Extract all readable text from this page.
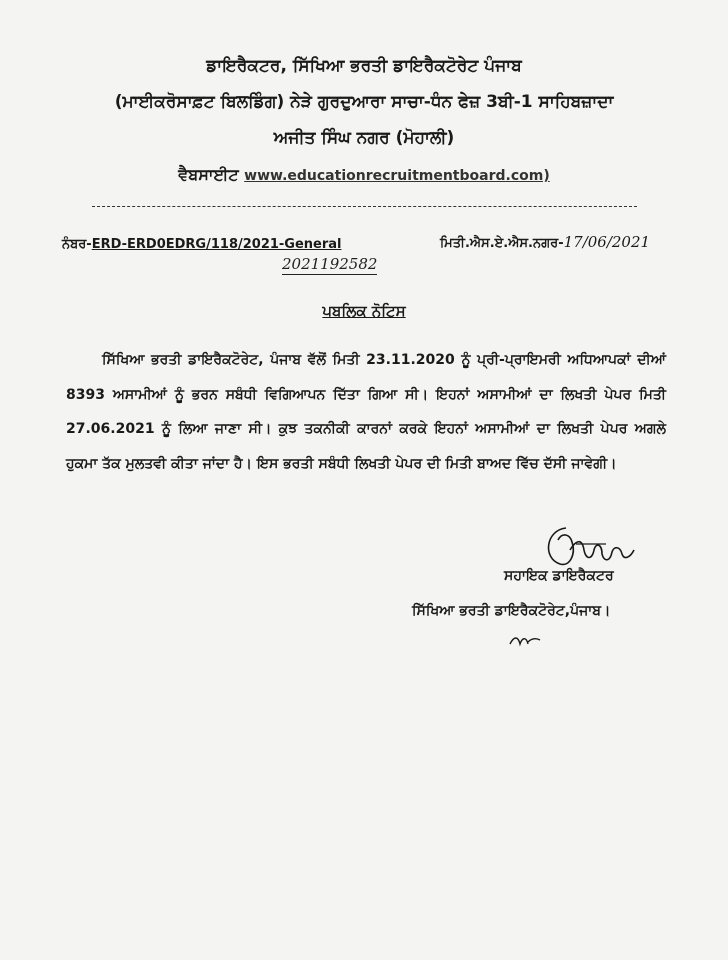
ਡਾਇਰੈਕਟਰ, ਸਿੱਖਿਆ ਭਰਤੀ ਡਾਇਰੈਕਟੋਰੇਟ ਪੰਜਾਬ
(ਮਾਈਕਰੋਸਾਫ਼ਟ ਬਿਲਡਿੰਗ) ਨੇੜੇ ਗੁਰਦੁਆਰਾ ਸਾਚਾ-ਧੰਨ ਫੇਜ਼ 3ਬੀ-1 ਸਾਹਿਬਜ਼ਾਦਾ
ਅਜੀਤ ਸਿੰਘ ਨਗਰ (ਮੋਹਾਲੀ)
ਵੈਬਸਾਈਟ www.educationrecruitmentboard.com)
ਨੰਬਰ-ERD-ERD0EDRG/118/2021-General	ਮਿਤੀ.ਐਸ.ਏ.ਐਸ.ਨਗਰ-17/06/2021
2021192582
ਪਬਲਿਕ ਨੋਟਿਸ
ਸਿੱਖਿਆ ਭਰਤੀ ਡਾਇਰੈਕਟੋਰੇਟ, ਪੰਜਾਬ ਵੱਲੋਂ ਮਿਤੀ 23.11.2020 ਨੂੰ ਪ੍ਰੀ-ਪ੍ਰਾਇਮਰੀ ਅਧਿਆਪਕਾਂ ਦੀਆਂ 8393 ਅਸਾਮੀਆਂ ਨੂੰ ਭਰਨ ਸਬੰਧੀ ਵਿਗਿਆਪਨ ਦਿੱਤਾ ਗਿਆ ਸੀ। ਇਹਨਾਂ ਅਸਾਮੀਆਂ ਦਾ ਲਿਖਤੀ ਪੇਪਰ ਮਿਤੀ 27.06.2021 ਨੂੰ ਲਿਆ ਜਾਣਾ ਸੀ। ਕੁਝ ਤਕਨੀਕੀ ਕਾਰਨਾਂ ਕਰਕੇ ਇਹਨਾਂ ਅਸਾਮੀਆਂ ਦਾ ਲਿਖਤੀ ਪੇਪਰ ਅਗਲੇ ਹੁਕਮਾ ਤੱਕ ਮੁਲਤਵੀ ਕੀਤਾ ਜਾਂਦਾ ਹੈ। ਇਸ ਭਰਤੀ ਸਬੰਧੀ ਲਿਖਤੀ ਪੇਪਰ ਦੀ ਮਿਤੀ ਬਾਅਦ ਵਿੱਚ ਦੱਸੀ ਜਾਵੇਗੀ।
ਸਹਾਇਕ ਡਾਇਰੈਕਟਰ
ਸਿੱਖਿਆ ਭਰਤੀ ਡਾਇਰੈਕਟੋਰੇਟ,ਪੰਜਾਬ।
